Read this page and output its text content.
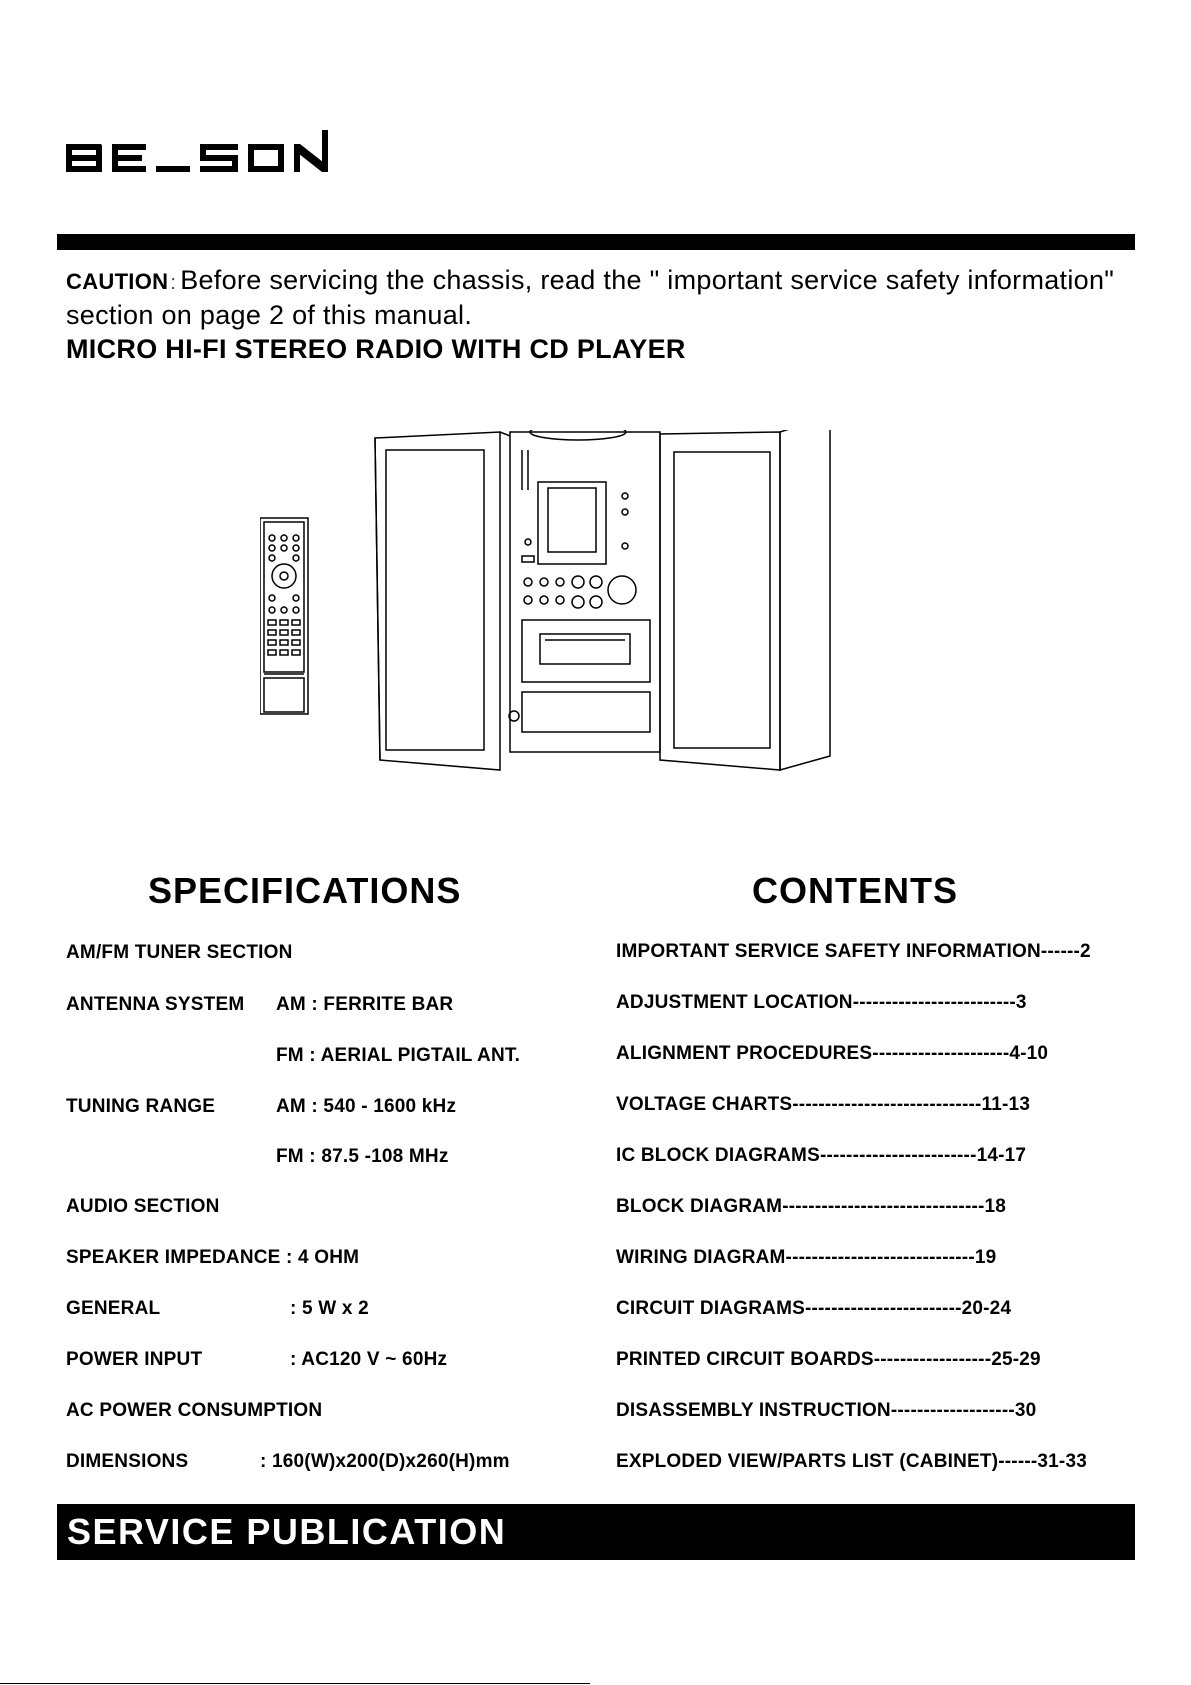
CAUTION : Before servicing the chassis, read the " important service safety information" section on page 2 of this manual.
MICRO HI-FI STEREO RADIO WITH CD PLAYER
SPECIFICATIONS	CONTENTS
AM/FM TUNER SECTION
ANTENNA SYSTEM AM : FERRITE BAR
FM : AERIAL PIGTAIL ANT.
TUNING RANGE	AM : 540 - 1600 kHz
FM : 87.5 -108 MHz
AUDIO SECTION
SPEAKER IMPEDANCE : 4 OHM
GENERAL	: 5 W x 2
POWER INPUT	: AC120 V ~ 60Hz
AC POWER CONSUMPTION
DIMENSIONS	: 160(W)x200(D)x260(H)mm
IMPORTANT SERVICE SAFETY INFORMATION------2
ADJUSTMENT LOCATION-------------------------3
ALIGNMENT PROCEDURES---------------------4-10
VOLTAGE CHARTS-----------------------------11-13
IC BLOCK DIAGRAMS------------------------14-17
BLOCK DIAGRAM-------------------------------18
WIRING DIAGRAM-----------------------------19
CIRCUIT DIAGRAMS------------------------20-24
PRINTED CIRCUIT BOARDS------------------25-29
DISASSEMBLY INSTRUCTION-------------------30
EXPLODED VIEW/PARTS LIST (CABINET)------31-33
SERVICE PUBLICATION
